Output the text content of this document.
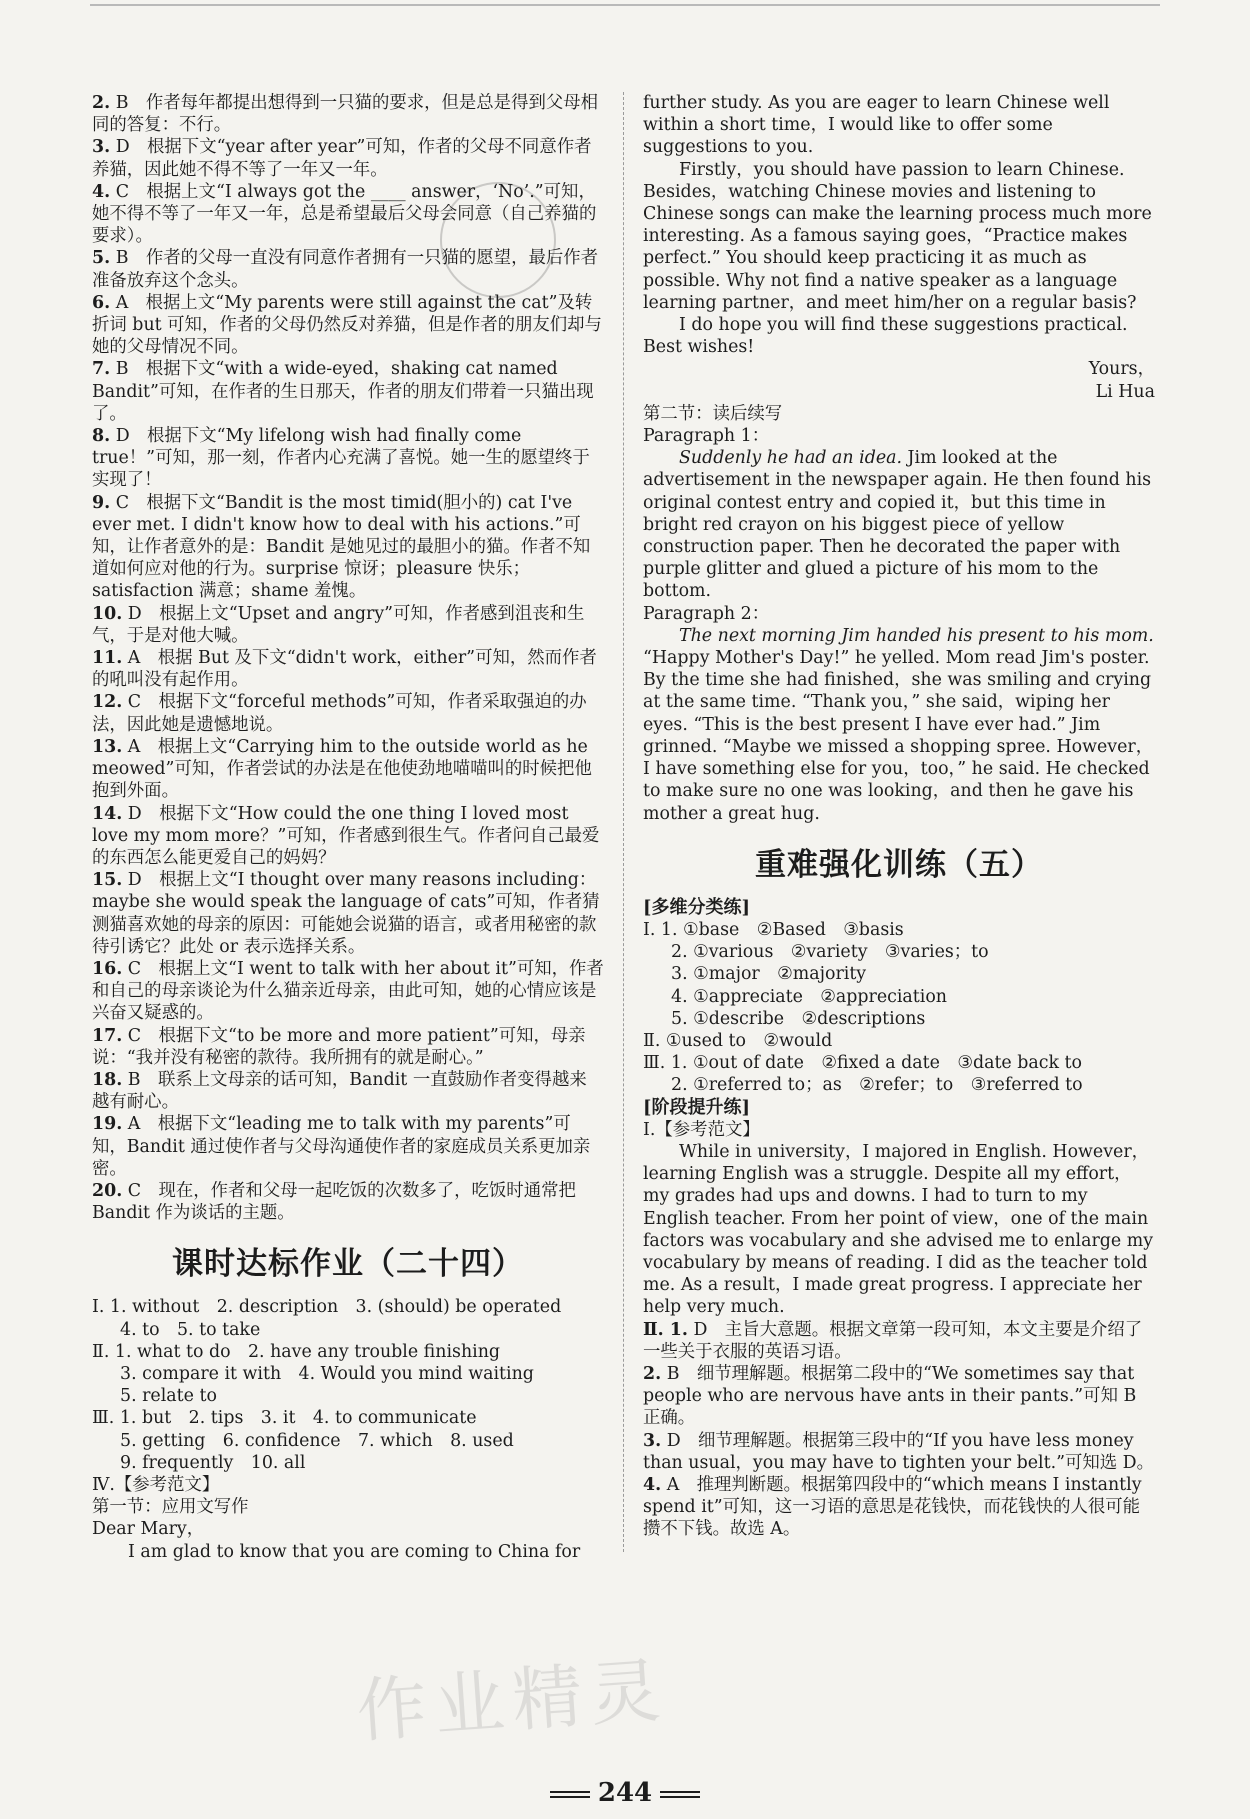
2. B　作者每年都提出想得到一只猫的要求，但是总是得到父母相同的答复：不行。

3. D　根据下文“year after year”可知，作者的父母不同意作者养猫，因此她不得不等了一年又一年。

4. C　根据上文“I always got the ____ answer，‘No’.”可知，她不得不等了一年又一年，总是希望最后父母会同意（自己养猫的要求）。

5. B　作者的父母一直没有同意作者拥有一只猫的愿望，最后作者准备放弃这个念头。

6. A　根据上文“My parents were still against the cat”及转折词 but 可知，作者的父母仍然反对养猫，但是作者的朋友们却与她的父母情况不同。

7. B　根据下文“with a wide-eyed，shaking cat named Bandit”可知，在作者的生日那天，作者的朋友们带着一只猫出现了。

8. D　根据下文“My lifelong wish had finally come true！”可知，那一刻，作者内心充满了喜悦。她一生的愿望终于实现了！

9. C　根据下文“Bandit is the most timid(胆小的) cat I've ever met. I didn't know how to deal with his actions.”可知，让作者意外的是：Bandit 是她见过的最胆小的猫。作者不知道如何应对他的行为。surprise 惊讶；pleasure 快乐；satisfaction 满意；shame 羞愧。

10. D　根据上文“Upset and angry”可知，作者感到沮丧和生气，于是对他大喊。

11. A　根据 But 及下文“didn't work，either”可知，然而作者的吼叫没有起作用。

12. C　根据下文“forceful methods”可知，作者采取强迫的办法，因此她是遗憾地说。

13. A　根据上文“Carrying him to the outside world as he meowed”可知，作者尝试的办法是在他使劲地喵喵叫的时候把他抱到外面。

14. D　根据下文“How could the one thing I loved most love my mom more？”可知，作者感到很生气。作者问自己最爱的东西怎么能更爱自己的妈妈？

15. D　根据上文“I thought over many reasons including：maybe she would speak the language of cats”可知，作者猜测猫喜欢她的母亲的原因：可能她会说猫的语言，或者用秘密的款待引诱它？此处 or 表示选择关系。

16. C　根据上文“I went to talk with her about it”可知，作者和自己的母亲谈论为什么猫亲近母亲，由此可知，她的心情应该是兴奋又疑惑的。

17. C　根据下文“to be more and more patient”可知，母亲说：“我并没有秘密的款待。我所拥有的就是耐心。”

18. B　联系上文母亲的话可知，Bandit 一直鼓励作者变得越来越有耐心。

19. A　根据下文“leading me to talk with my parents”可知，Bandit 通过使作者与父母沟通使作者的家庭成员关系更加亲密。

20. C　现在，作者和父母一起吃饭的次数多了，吃饭时通常把 Bandit 作为谈话的主题。

课时达标作业（二十四）

Ⅰ. 1. without　2. description　3. (should) be operated

4. to　5. to take

Ⅱ. 1. what to do　2. have any trouble finishing

3. compare it with　4. Would you mind waiting

5. relate to

Ⅲ. 1. but　2. tips　3. it　4. to communicate

5. getting　6. confidence　7. which　8. used

9. frequently　10. all

Ⅳ.【参考范文】

第一节：应用文写作

Dear Mary，

I am glad to know that you are coming to China for

further study. As you are eager to learn Chinese well within a short time，I would like to offer some suggestions to you.

Firstly，you should have passion to learn Chinese. Besides，watching Chinese movies and listening to Chinese songs can make the learning process much more interesting. As a famous saying goes，“Practice makes perfect.” You should keep practicing it as much as possible. Why not find a native speaker as a language learning partner，and meet him/her on a regular basis?

I do hope you will find these suggestions practical. Best wishes!

Yours，

Li Hua

第二节：读后续写

Paragraph 1：

Suddenly he had an idea. Jim looked at the advertisement in the newspaper again. He then found his original contest entry and copied it，but this time in bright red crayon on his biggest piece of yellow construction paper. Then he decorated the paper with purple glitter and glued a picture of his mom to the bottom.

Paragraph 2：

The next morning Jim handed his present to his mom. “Happy Mother's Day!” he yelled. Mom read Jim's poster. By the time she had finished，she was smiling and crying at the same time. “Thank you，” she said，wiping her eyes. “This is the best present I have ever had.” Jim grinned. “Maybe we missed a shopping spree. However，I have something else for you，too，” he said. He checked to make sure no one was looking，and then he gave his mother a great hug.

重难强化训练（五）

[多维分类练]

Ⅰ. 1. ①base　②Based　③basis

2. ①various　②variety　③varies；to

3. ①major　②majority

4. ①appreciate　②appreciation

5. ①describe　②descriptions

Ⅱ. ①used to　②would

Ⅲ. 1. ①out of date　②fixed a date　③date back to

2. ①referred to；as　②refer；to　③referred to

[阶段提升练]

Ⅰ.【参考范文】

While in university，I majored in English. However，learning English was a struggle. Despite all my effort，my grades had ups and downs. I had to turn to my English teacher. From her point of view，one of the main factors was vocabulary and she advised me to enlarge my vocabulary by means of reading. I did as the teacher told me. As a result，I made great progress. I appreciate her help very much.

Ⅱ. 1. D　主旨大意题。根据文章第一段可知，本文主要是介绍了一些关于衣服的英语习语。

2. B　细节理解题。根据第二段中的“We sometimes say that people who are nervous have ants in their pants.”可知 B 正确。

3. D　细节理解题。根据第三段中的“If you have less money than usual，you may have to tighten your belt.”可知选 D。

4. A　推理判断题。根据第四段中的“which means I instantly spend it”可知，这一习语的意思是花钱快，而花钱快的人很可能攒不下钱。故选 A。

作业精灵
244
